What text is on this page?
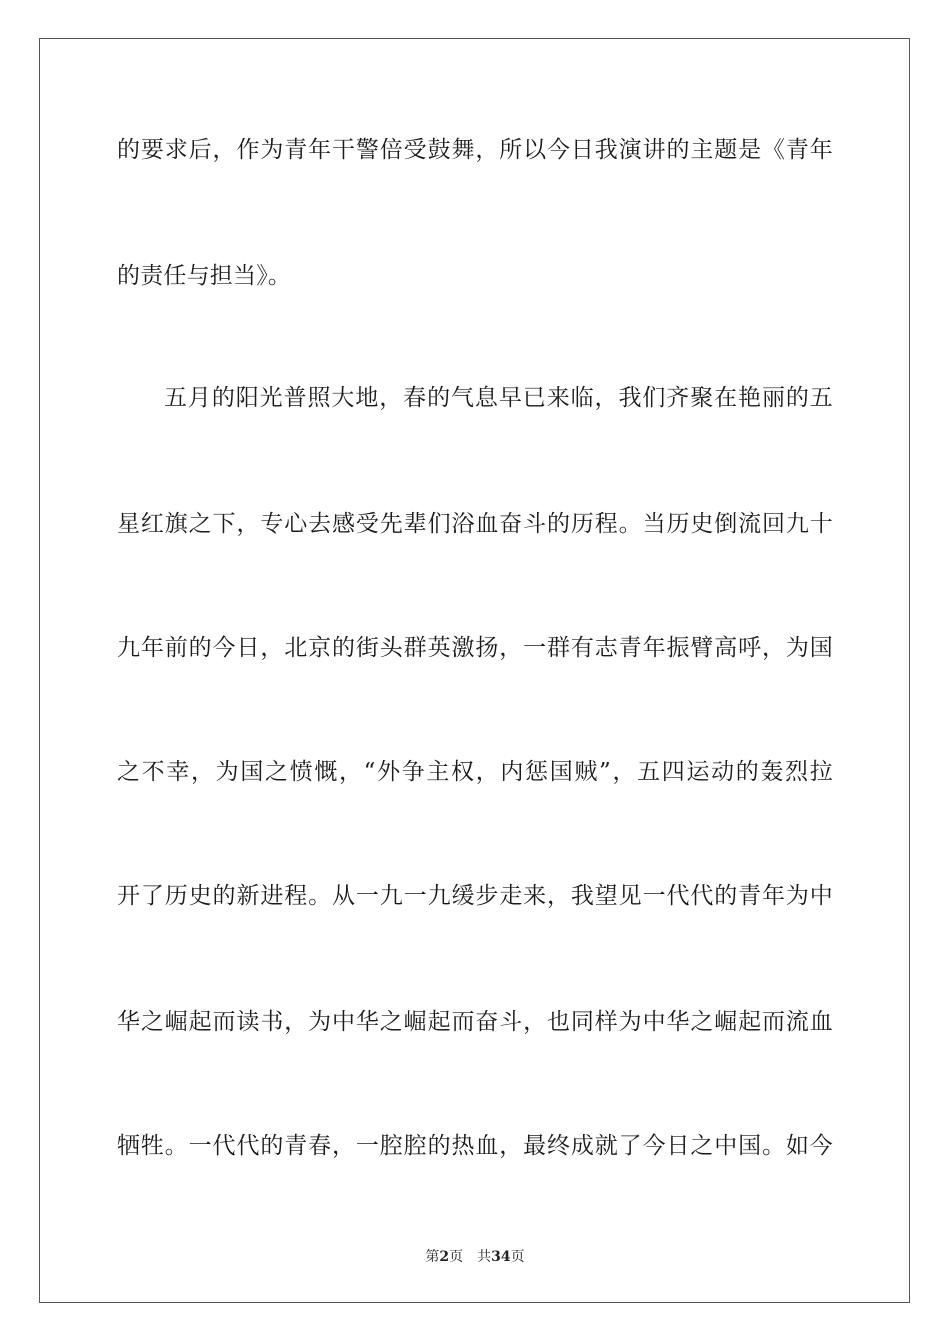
的要求后，作为青年干警倍受鼓舞，所以今日我演讲的主题是《青年
的责任与担当》。
五月的阳光普照大地，春的气息早已来临，我们齐聚在艳丽的五
星红旗之下，专心去感受先辈们浴血奋斗的历程。当历史倒流回九十
九年前的今日，北京的街头群英激扬，一群有志青年振臂高呼，为国
之不幸，为国之愤慨，“外争主权，内惩国贼”，五四运动的轰烈拉
开了历史的新进程。从一九一九缓步走来，我望见一代代的青年为中
华之崛起而读书，为中华之崛起而奋斗，也同样为中华之崛起而流血
牺牲。一代代的青春，一腔腔的热血，最终成就了今日之中国。如今
第2页 共34页
